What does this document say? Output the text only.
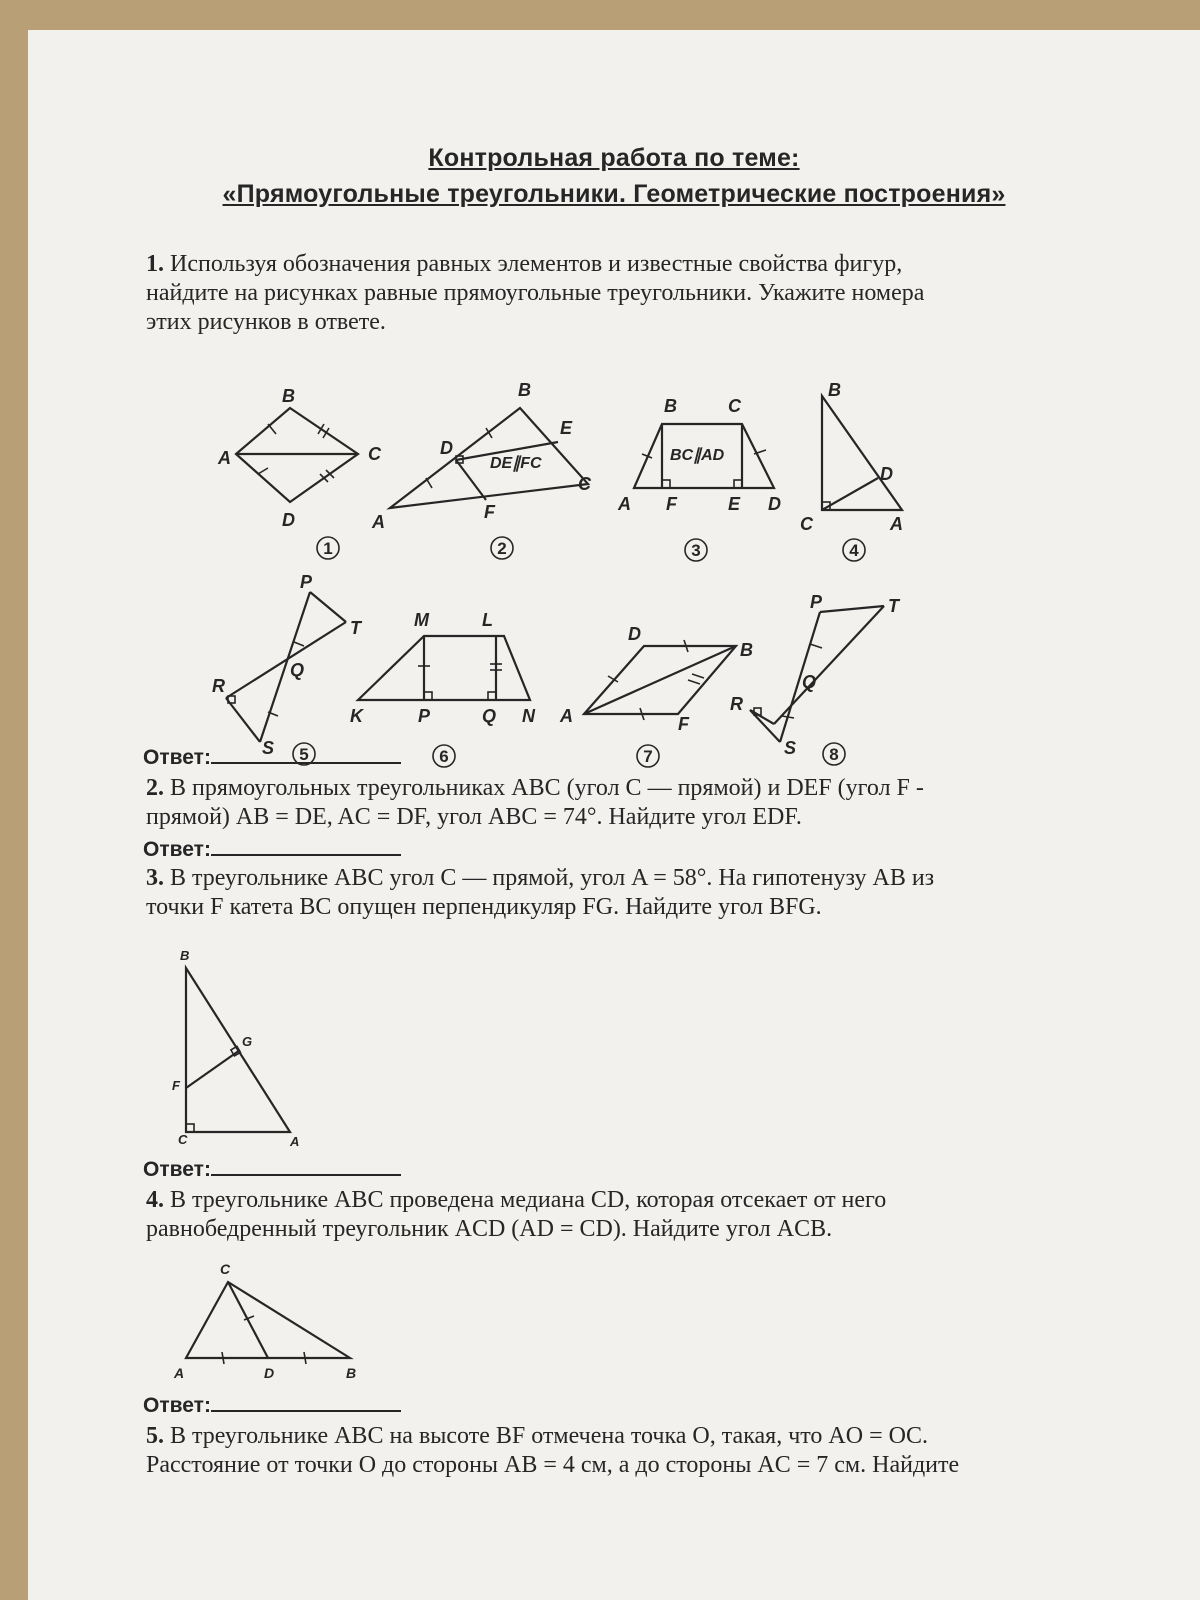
Контрольная работа по теме:
«Прямоугольные треугольники. Геометрические построения»
1. Используя обозначения равных элементов и известные свойства фигур,
найдите на рисунках равные прямоугольные треугольники. Укажите номера
этих рисунков в ответе.
B
A	C
D
1
DE∥FC
B
E
D
C
A	F
2
BC∥AD
B	C
A F	E D
3
B
D
C	A
4
P
T
Q
R
S 5
M	L
K	P	Q N
6
D
B
A	F
7
P	T
Q
R
S 8
Ответ:
2. В прямоугольных треугольниках ABC (угол C — прямой) и DEF (угол F -
прямой) AB = DE, AC = DF, угол ABC = 74°. Найдите угол EDF.
Ответ:
3. В треугольнике ABC угол C — прямой, угол A = 58°. На гипотенузу AB из
точки F катета BC опущен перпендикуляр FG. Найдите угол BFG.
B
G
F
C	A
Ответ:
4. В треугольнике ABC проведена медиана CD, которая отсекает от него
равнобедренный треугольник ACD (AD = CD). Найдите угол ACB.
C
A	D	B
Ответ:
5. В треугольнике ABC на высоте BF отмечена точка O, такая, что AO = OC.
Расстояние от точки O до стороны AB = 4 см, а до стороны AC = 7 см. Найдите
